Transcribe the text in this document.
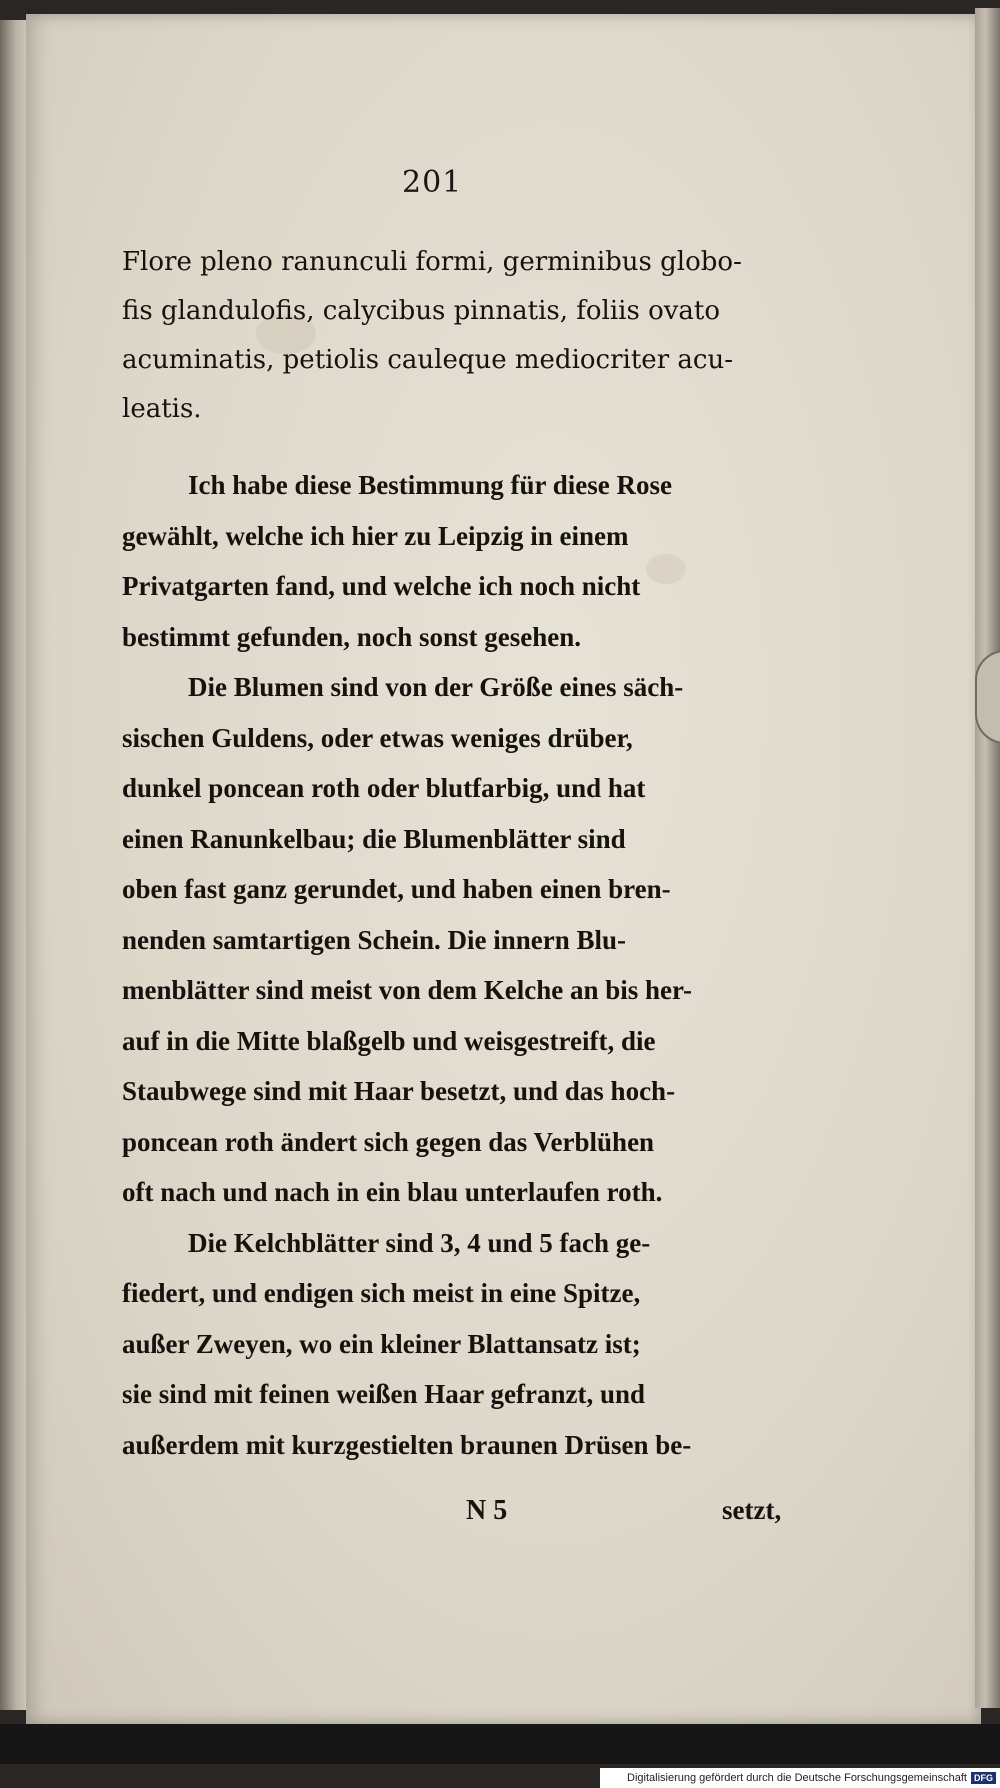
201

Flore pleno ranunculi formi, germinibus globo-
fis glandulofis, calycibus pinnatis, foliis ovato
acuminatis, petiolis cauleque mediocriter acu-
leatis.

Ich habe diese Bestimmung für diese Rose
gewählt, welche ich hier zu Leipzig in einem
Privatgarten fand, und welche ich noch nicht
bestimmt gefunden, noch sonst gesehen.

Die Blumen sind von der Größe eines säch-
sischen Guldens, oder etwas weniges drüber,
dunkel poncean roth oder blutfarbig, und hat
einen Ranunkelbau; die Blumenblätter sind
oben fast ganz gerundet, und haben einen bren-
nenden samtartigen Schein. Die innern Blu-
menblätter sind meist von dem Kelche an bis her-
auf in die Mitte blaßgelb und weisgestreift, die
Staubwege sind mit Haar besetzt, und das hoch-
poncean roth ändert sich gegen das Verblühen
oft nach und nach in ein blau unterlaufen roth.

Die Kelchblätter sind 3, 4 und 5 fach ge-
fiedert, und endigen sich meist in eine Spitze,
außer Zweyen, wo ein kleiner Blattansatz ist;
sie sind mit feinen weißen Haar gefranzt, und
außerdem mit kurzgestielten braunen Drüsen be-

N 5	setzt,
Digitalisierung gefördert durch die Deutsche Forschungsgemeinschaft DFG
